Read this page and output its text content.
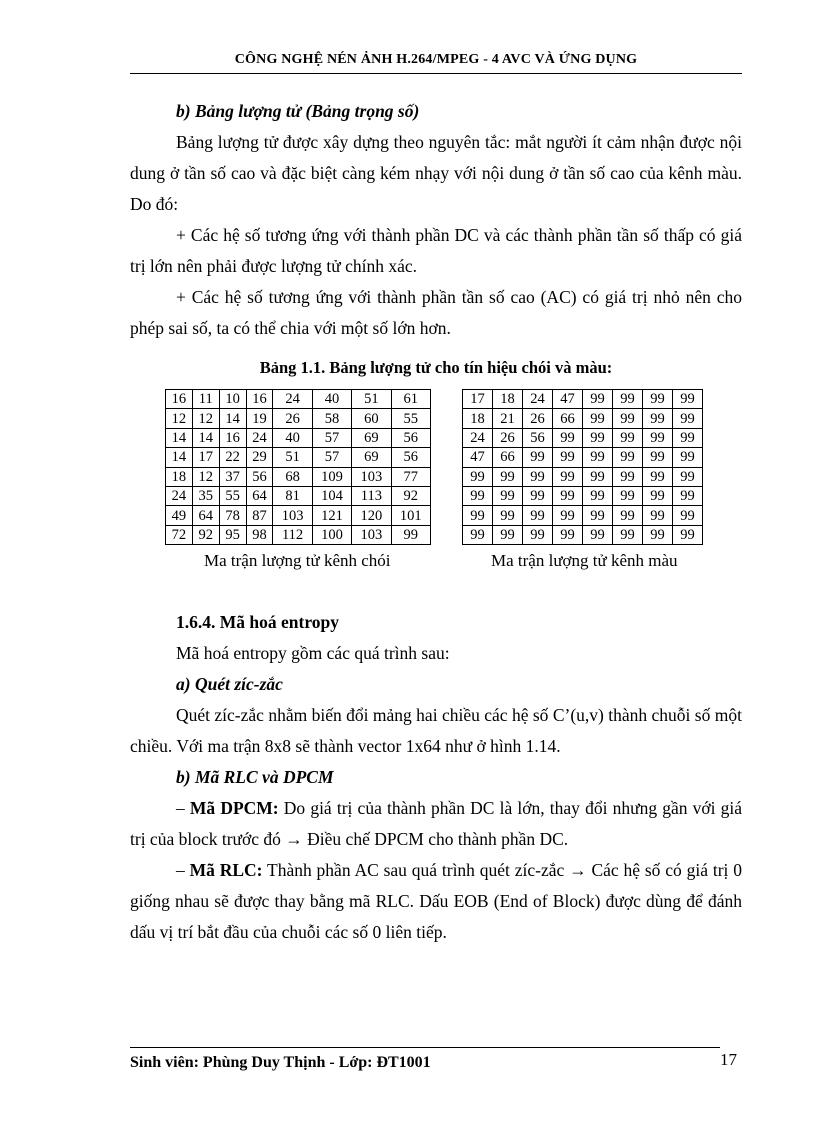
CÔNG NGHỆ NÉN ẢNH H.264/MPEG - 4 AVC VÀ ỨNG DỤNG

b) Bảng lượng tử (Bảng trọng số)

Bảng lượng tử được xây dựng theo nguyên tắc: mắt người ít cảm nhận được nội dung ở tần số cao và đặc biệt càng kém nhạy với nội dung ở tần số cao của kênh màu. Do đó:

+ Các hệ số tương ứng với thành phần DC và các thành phần tần số thấp có giá trị lớn nên phải được lượng tử chính xác.

+ Các hệ số tương ứng với thành phần tần số cao (AC) có giá trị nhỏ nên cho phép sai số, ta có thể chia với một số lớn hơn.

Bảng 1.1. Bảng lượng tử cho tín hiệu chói và màu:
16	11	10	16	24	40	51	61
12	12	14	19	26	58	60	55
14	14	16	24	40	57	69	56
14	17	22	29	51	57	69	56
18	12	37	56	68	109	103	77
24	35	55	64	81	104	113	92
49	64	78	87	103	121	120	101
72	92	95	98	112	100	103	99
17	18	24	47	99	99	99	99
18	21	26	66	99	99	99	99
24	26	56	99	99	99	99	99
47	66	99	99	99	99	99	99
99	99	99	99	99	99	99	99
99	99	99	99	99	99	99	99
99	99	99	99	99	99	99	99
99	99	99	99	99	99	99	99
Ma trận lượng tử kênh chói	Ma trận lượng tử kênh màu

1.6.4. Mã hoá entropy

Mã hoá entropy gồm các quá trình sau:

a) Quét zíc-zắc

Quét zíc-zắc nhằm biến đổi mảng hai chiều các hệ số C’(u,v) thành chuỗi số một chiều. Với ma trận 8x8 sẽ thành vector 1x64 như ở hình 1.14.

b) Mã RLC và DPCM

– Mã DPCM: Do giá trị của thành phần DC là lớn, thay đổi nhưng gần với giá trị của block trước đó → Điều chế DPCM cho thành phần DC.

– Mã RLC: Thành phần AC sau quá trình quét zíc-zắc → Các hệ số có giá trị 0 giống nhau sẽ được thay bằng mã RLC. Dấu EOB (End of Block) được dùng để đánh dấu vị trí bắt đầu của chuỗi các số 0 liên tiếp.

Sinh viên: Phùng Duy Thịnh - Lớp: ĐT1001	17
